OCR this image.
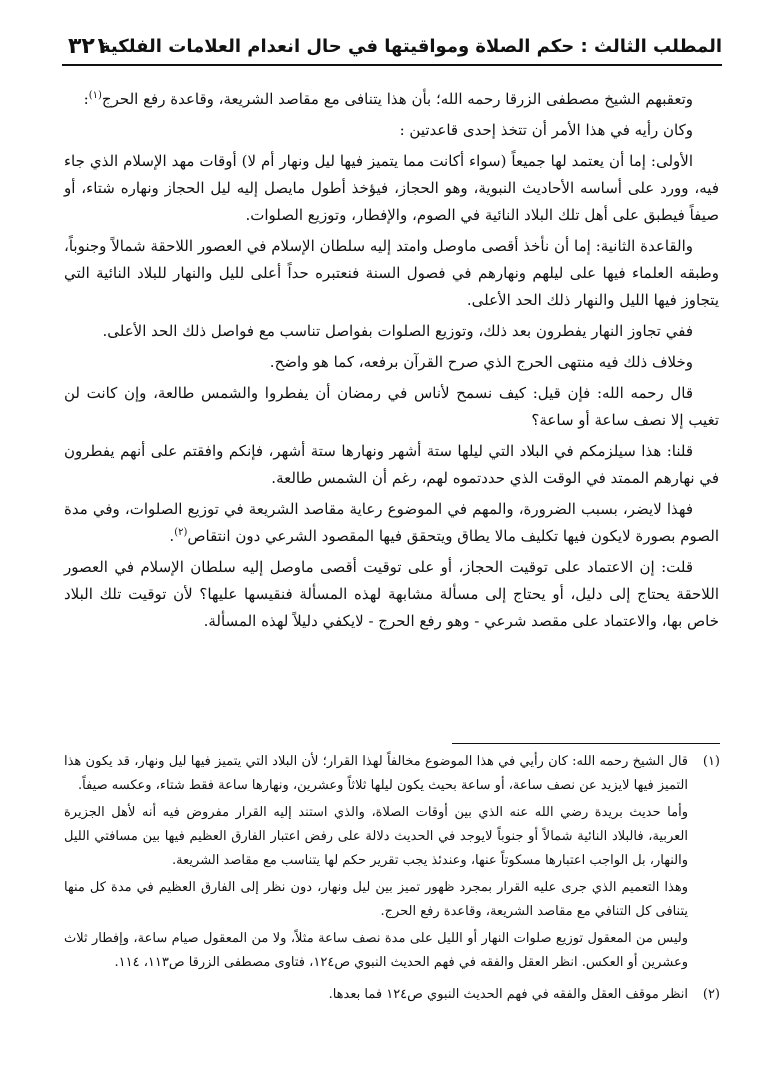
المطلب الثالث : حكم الصلاة ومواقيتها في حال انعدام العلامات الفلكية
٣٢١

وتعقبهم الشيخ مصطفى الزرقا رحمه الله؛ بأن هذا يتنافى مع مقاصد الشريعة، وقاعدة رفع الحرج$^{(١)}$:

وكان رأيه في هذا الأمر أن تتخذ إحدى قاعدتين :

الأولى: إما أن يعتمد لها جميعاً (سواء أكانت مما يتميز فيها ليل ونهار أم لا) أوقات مهد الإسلام الذي جاء فيه، وورد على أساسه الأحاديث النبوية، وهو الحجاز، فيؤخذ أطول مايصل إليه ليل الحجاز ونهاره شتاء، أو صيفاً فيطبق على أهل تلك البلاد النائية في الصوم، والإفطار، وتوزيع الصلوات.

والقاعدة الثانية: إما أن نأخذ أقصى ماوصل وامتد إليه سلطان الإسلام في العصور اللاحقة شمالاً وجنوباً، وطبقه العلماء فيها على ليلهم ونهارهم في فصول السنة فنعتبره حداً أعلى لليل والنهار للبلاد النائية التي يتجاوز فيها الليل والنهار ذلك الحد الأعلى.

ففي تجاوز النهار يفطرون بعد ذلك، وتوزيع الصلوات بفواصل تناسب مع فواصل ذلك الحد الأعلى.

وخلاف ذلك فيه منتهى الحرج الذي صرح القرآن برفعه، كما هو واضح.

قال رحمه الله: فإن قيل: كيف نسمح لأناس في رمضان أن يفطروا والشمس طالعة، وإن كانت لن تغيب إلا نصف ساعة أو ساعة؟

قلنا: هذا سيلزمكم في البلاد التي ليلها ستة أشهر ونهارها ستة أشهر، فإنكم وافقتم على أنهم يفطرون في نهارهم الممتد في الوقت الذي حددتموه لهم، رغم أن الشمس طالعة.

فهذا لايضر، بسبب الضرورة، والمهم في الموضوع رعاية مقاصد الشريعة في توزيع الصلوات، وفي مدة الصوم بصورة لايكون فيها تكليف مالا يطاق ويتحقق فيها المقصود الشرعي دون انتقاص$^{(٢)}$.

قلت: إن الاعتماد على توقيت الحجاز، أو على توقيت أقصى ماوصل إليه سلطان الإسلام في العصور اللاحقة يحتاج إلى دليل، أو يحتاج إلى مسألة مشابهة لهذه المسألة فنقيسها عليها؟ لأن توقيت تلك البلاد خاص بها، والاعتماد على مقصد شرعي - وهو رفع الحرج - لايكفي دليلاً لهذه المسألة.

(١)

قال الشيخ رحمه الله: كان رأيي في هذا الموضوع مخالفاً لهذا القرار؛ لأن البلاد التي يتميز فيها ليل ونهار، قد يكون هذا التميز فيها لايزيد عن نصف ساعة، أو ساعة بحيث يكون ليلها ثلاثاً وعشرين، ونهارها ساعة فقط شتاء، وعكسه صيفاً.

وأما حديث بريدة رضي الله عنه الذي بين أوقات الصلاة، والذي استند إليه القرار مفروض فيه أنه لأهل الجزيرة العربية، فالبلاد النائية شمالاً أو جنوباً لايوجد في الحديث دلالة على رفض اعتبار الفارق العظيم فيها بين مسافتي الليل والنهار، بل الواجب اعتبارها مسكوتاً عنها، وعندئذ يجب تقرير حكم لها يتناسب مع مقاصد الشريعة.

وهذا التعميم الذي جرى عليه القرار بمجرد ظهور تميز بين ليل ونهار، دون نظر إلى الفارق العظيم في مدة كل منها يتنافى كل التنافي مع مقاصد الشريعة، وقاعدة رفع الحرج.

وليس من المعقول توزيع صلوات النهار أو الليل على مدة نصف ساعة مثلاً، ولا من المعقول صيام ساعة، وإفطار ثلاث وعشرين أو العكس. انظر العقل والفقه في فهم الحديث النبوي ص١٢٤، فتاوى مصطفى الزرقا ص١١٣، ١١٤.

(٢)

انظر موقف العقل والفقه في فهم الحديث النبوي ص١٢٤ فما بعدها.
